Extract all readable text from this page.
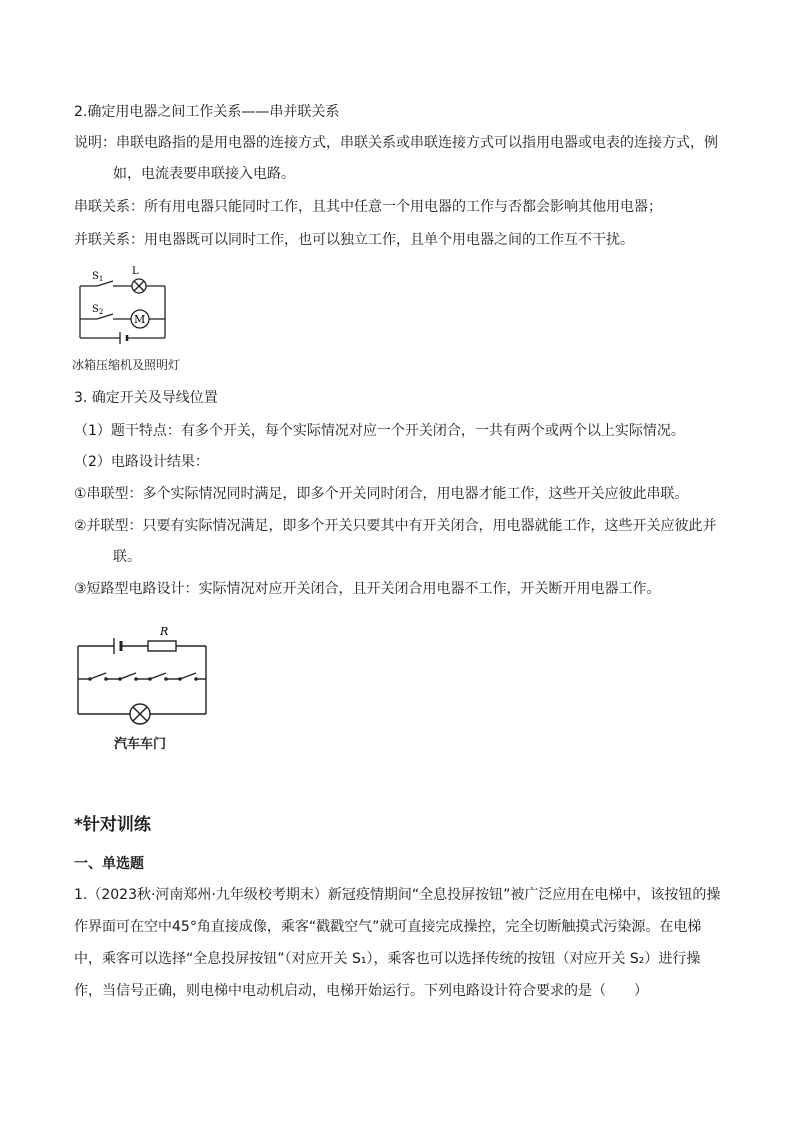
2.确定用电器之间工作关系——串并联关系
说明：串联电路指的是用电器的连接方式，串联关系或串联连接方式可以指用电器或电表的连接方式，例
如，电流表要串联接入电路。
串联关系：所有用电器只能同时工作，且其中任意一个用电器的工作与否都会影响其他用电器；
并联关系：用电器既可以同时工作，也可以独立工作，且单个用电器之间的工作互不干扰。
$S_1$
L
$S_2$
M
冰箱压缩机及照明灯
3. 确定开关及导线位置
（1）题干特点：有多个开关，每个实际情况对应一个开关闭合，一共有两个或两个以上实际情况。
（2）电路设计结果：
①串联型：多个实际情况同时满足，即多个开关同时闭合，用电器才能工作，这些开关应彼此串联。
②并联型：只要有实际情况满足，即多个开关只要其中有开关闭合，用电器就能工作，这些开关应彼此并
联。
③短路型电路设计：实际情况对应开关闭合，且开关闭合用电器不工作，开关断开用电器工作。
R
汽车车门
*针对训练
一、单选题
1.（2023秋·河南郑州·九年级校考期末）新冠疫情期间“全息投屏按钮”被广泛应用在电梯中，该按钮的操
作界面可在空中45°角直接成像，乘客“戳戳空气”就可直接完成操控，完全切断触摸式污染源。在电梯
中，乘客可以选择“全息投屏按钮”（对应开关 S₁），乘客也可以选择传统的按钮（对应开关 S₂）进行操
作，当信号正确，则电梯中电动机启动，电梯开始运行。下列电路设计符合要求的是（　　）
